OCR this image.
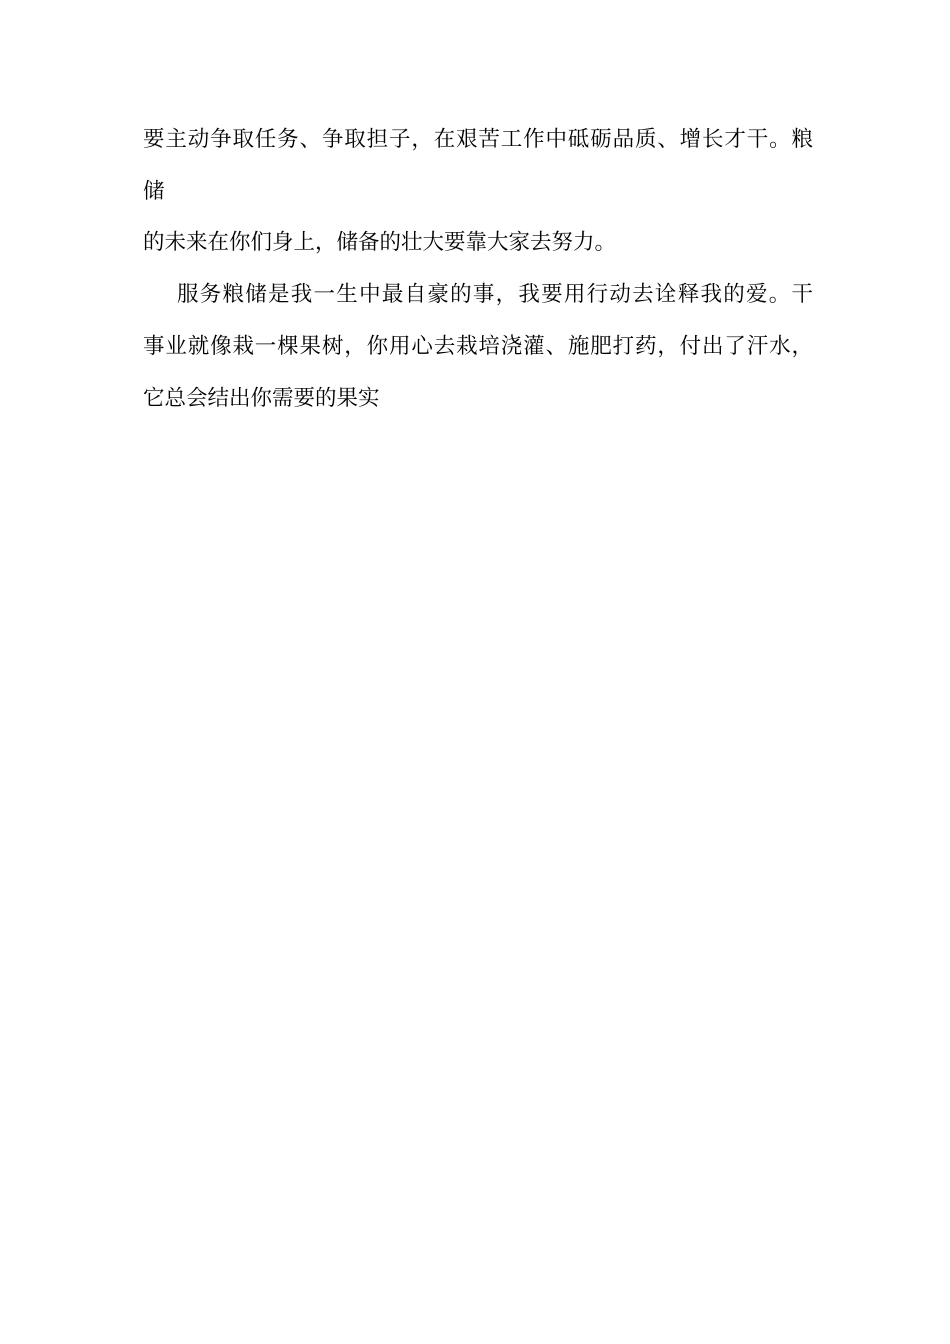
要主动争取任务、争取担子，在艰苦工作中砥砺品质、增长才干。粮 储
的未来在你们身上，储备的壮大要靠大家去努力。
服务粮储是我一生中最自豪的事，我要用行动去诠释我的爱。干
事业就像栽一棵果树，你用心去栽培浇灌、施肥打药，付出了汗水，
它总会结出你需要的果实
